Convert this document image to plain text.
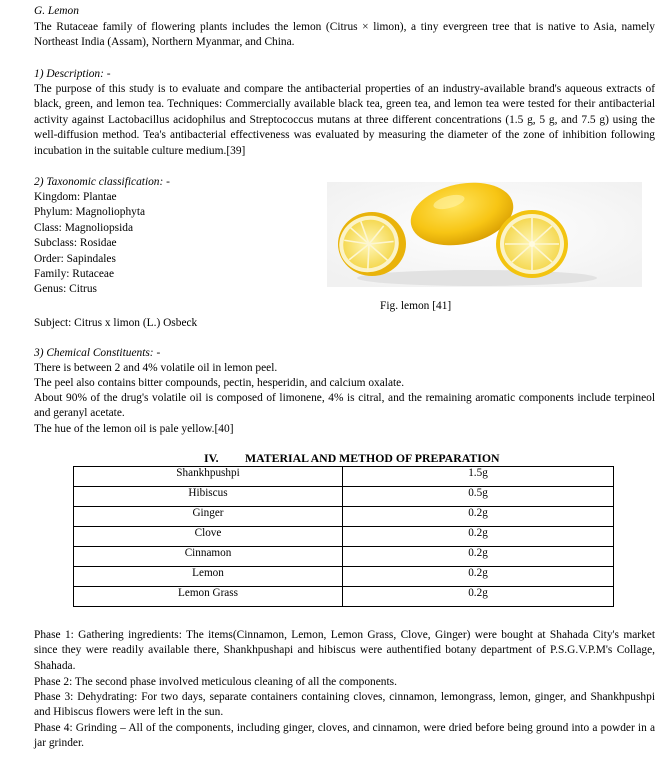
G. Lemon
The Rutaceae family of flowering plants includes the lemon (Citrus × limon), a tiny evergreen tree that is native to Asia, namely Northeast India (Assam), Northern Myanmar, and China.
1) Description: -
The purpose of this study is to evaluate and compare the antibacterial properties of an industry-available brand's aqueous extracts of black, green, and lemon tea. Techniques: Commercially available black tea, green tea, and lemon tea were tested for their antibacterial activity against Lactobacillus acidophilus and Streptococcus mutans at three different concentrations (1.5 g, 5 g, and 7.5 g) using the well-diffusion method. Tea's antibacterial effectiveness was evaluated by measuring the diameter of the zone of inhibition following incubation in the suitable culture medium.[39]
2) Taxonomic classification: -
Kingdom: Plantae
Phylum: Magnoliophyta
Class: Magnoliopsida
Subclass: Rosidae
Order: Sapindales
Family: Rutaceae
Genus: Citrus
Fig. lemon [41]
Subject: Citrus x limon (L.) Osbeck
3) Chemical Constituents: -
There is between 2 and 4% volatile oil in lemon peel.
The peel also contains bitter compounds, pectin, hesperidin, and calcium oxalate.
About 90% of the drug's volatile oil is composed of limonene, 4% is citral, and the remaining aromatic components include terpineol and geranyl acetate.
The hue of the lemon oil is pale yellow.[40]
IV. MATERIAL AND METHOD OF PREPARATION
Shankhpushpi	1.5g
Hibiscus	0.5g
Ginger	0.2g
Clove	0.2g
Cinnamon	0.2g
Lemon	0.2g
Lemon Grass	0.2g
Phase 1: Gathering ingredients: The items(Cinnamon, Lemon, Lemon Grass, Clove, Ginger) were bought at Shahada City's market since they were readily available there, Shankhpushapi and hibiscus were authentified botany department of P.S.G.V.P.M's Collage, Shahada.
Phase 2: The second phase involved meticulous cleaning of all the components.
Phase 3: Dehydrating: For two days, separate containers containing cloves, cinnamon, lemongrass, lemon, ginger, and Shankhpushpi and Hibiscus flowers were left in the sun.
Phase 4: Grinding – All of the components, including ginger, cloves, and cinnamon, were dried before being ground into a powder in a jar grinder.
